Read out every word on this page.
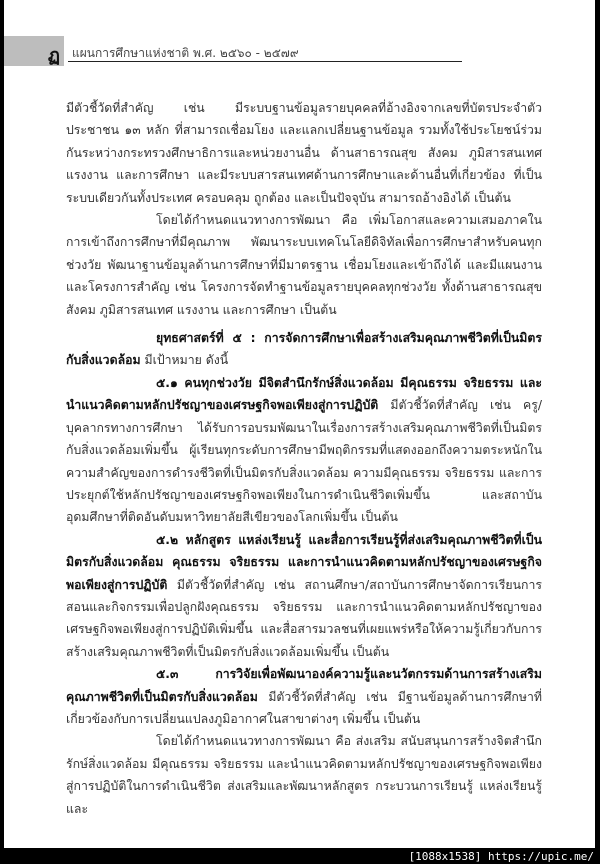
ฏ แผนการศึกษาแห่งชาติ พ.ศ. ๒๕๖๐ - ๒๕๗๙

มีตัวชี้วัดที่สำคัญ เช่น มีระบบฐานข้อมูลรายบุคคลที่อ้างอิงจากเลขที่บัตรประจำตัวประชาชน ๑๓ หลัก ที่สามารถเชื่อมโยง และแลกเปลี่ยนฐานข้อมูล รวมทั้งใช้ประโยชน์ร่วมกันระหว่างกระทรวงศึกษาธิการและหน่วยงานอื่น ด้านสาธารณสุข สังคม ภูมิสารสนเทศ แรงงาน และการศึกษา และมีระบบสารสนเทศด้านการศึกษาและด้านอื่นที่เกี่ยวข้อง ที่เป็นระบบเดียวกันทั้งประเทศ ครอบคลุม ถูกต้อง และเป็นปัจจุบัน สามารถอ้างอิงได้ เป็นต้น

โดยได้กำหนดแนวทางการพัฒนา คือ เพิ่มโอกาสและความเสมอภาคในการเข้าถึงการศึกษาที่มีคุณภาพ พัฒนาระบบเทคโนโลยีดิจิทัลเพื่อการศึกษาสำหรับคนทุกช่วงวัย พัฒนาฐานข้อมูลด้านการศึกษาที่มีมาตรฐาน เชื่อมโยงและเข้าถึงได้ และมีแผนงานและโครงการสำคัญ เช่น โครงการจัดทำฐานข้อมูลรายบุคคลทุกช่วงวัย ทั้งด้านสาธารณสุข สังคม ภูมิสารสนเทศ แรงงาน และการศึกษา เป็นต้น

ยุทธศาสตร์ที่ ๕ : การจัดการศึกษาเพื่อสร้างเสริมคุณภาพชีวิตที่เป็นมิตรกับสิ่งแวดล้อม มีเป้าหมาย ดังนี้

๕.๑ คนทุกช่วงวัย มีจิตสำนึกรักษ์สิ่งแวดล้อม มีคุณธรรม จริยธรรม และนำแนวคิดตามหลักปรัชญาของเศรษฐกิจพอเพียงสู่การปฏิบัติ มีตัวชี้วัดที่สำคัญ เช่น ครู/บุคลากรทางการศึกษา ได้รับการอบรมพัฒนาในเรื่องการสร้างเสริมคุณภาพชีวิตที่เป็นมิตรกับสิ่งแวดล้อมเพิ่มขึ้น ผู้เรียนทุกระดับการศึกษามีพฤติกรรมที่แสดงออกถึงความตระหนักในความสำคัญของการดำรงชีวิตที่เป็นมิตรกับสิ่งแวดล้อม ความมีคุณธรรม จริยธรรม และการประยุกต์ใช้หลักปรัชญาของเศรษฐกิจพอเพียงในการดำเนินชีวิตเพิ่มขึ้น และสถาบันอุดมศึกษาที่ติดอันดับมหาวิทยาลัยสีเขียวของโลกเพิ่มขึ้น เป็นต้น

๕.๒ หลักสูตร แหล่งเรียนรู้ และสื่อการเรียนรู้ที่ส่งเสริมคุณภาพชีวิตที่เป็นมิตรกับสิ่งแวดล้อม คุณธรรม จริยธรรม และการนำแนวคิดตามหลักปรัชญาของเศรษฐกิจพอเพียงสู่การปฏิบัติ มีตัวชี้วัดที่สำคัญ เช่น สถานศึกษา/สถาบันการศึกษาจัดการเรียนการสอนและกิจกรรมเพื่อปลูกฝังคุณธรรม จริยธรรม และการนำแนวคิดตามหลักปรัชญาของเศรษฐกิจพอเพียงสู่การปฏิบัติเพิ่มขึ้น และสื่อสารมวลชนที่เผยแพร่หรือให้ความรู้เกี่ยวกับการสร้างเสริมคุณภาพชีวิตที่เป็นมิตรกับสิ่งแวดล้อมเพิ่มขึ้น เป็นต้น

๕.๓ การวิจัยเพื่อพัฒนาองค์ความรู้และนวัตกรรมด้านการสร้างเสริมคุณภาพชีวิตที่เป็นมิตรกับสิ่งแวดล้อม มีตัวชี้วัดที่สำคัญ เช่น มีฐานข้อมูลด้านการศึกษาที่เกี่ยวข้องกับการเปลี่ยนแปลงภูมิอากาศในสาขาต่างๆ เพิ่มขึ้น เป็นต้น

โดยได้กำหนดแนวทางการพัฒนา คือ ส่งเสริม สนับสนุนการสร้างจิตสำนึกรักษ์สิ่งแวดล้อม มีคุณธรรม จริยธรรม และนำแนวคิดตามหลักปรัชญาของเศรษฐกิจพอเพียงสู่การปฏิบัติในการดำเนินชีวิต ส่งเสริมและพัฒนาหลักสูตร กระบวนการเรียนรู้ แหล่งเรียนรู้ และ

[1088x1538] https://upic.me/
